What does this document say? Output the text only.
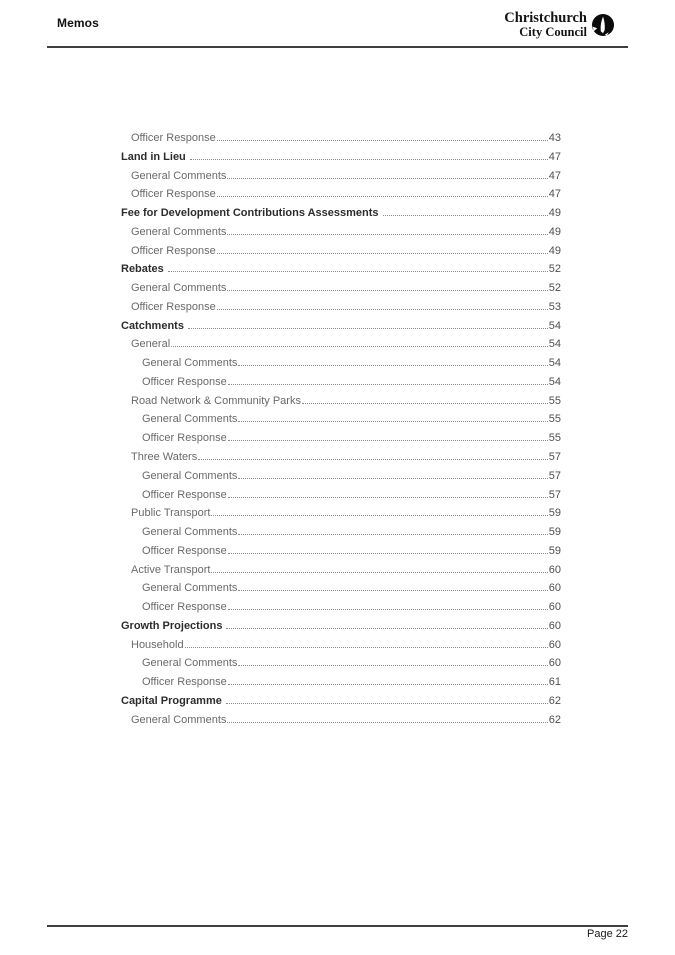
Memos	Christchurch
City Council
Officer Response	43
Land in Lieu	47
General Comments	47
Officer Response	47
Fee for Development Contributions Assessments	49
General Comments	49
Officer Response	49
Rebates	52
General Comments	52
Officer Response	53
Catchments	54
General	54
General Comments	54
Officer Response	54
Road Network & Community Parks	55
General Comments	55
Officer Response	55
Three Waters	57
General Comments	57
Officer Response	57
Public Transport	59
General Comments	59
Officer Response	59
Active Transport	60
General Comments	60
Officer Response	60
Growth Projections	60
Household	60
General Comments	60
Officer Response	61
Capital Programme	62
General Comments	62
Page 22
